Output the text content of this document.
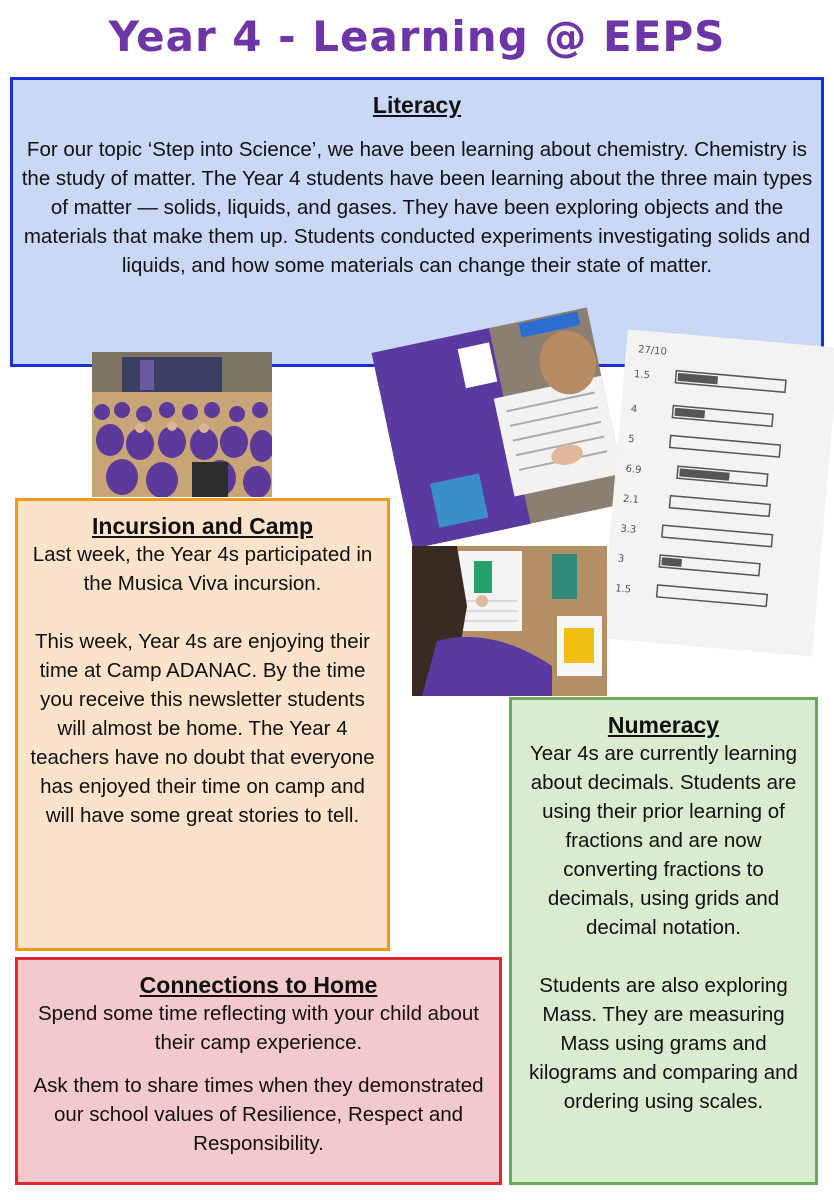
Year 4 - Learning @ EEPS
Literacy

For our topic ‘Step into Science’, we have been learning about chemistry. Chemistry is the study of matter. The Year 4 students have been learning about the three main types of matter — solids, liquids, and gases. They have been exploring objects and the materials that make them up. Students conducted experiments investigating solids and liquids, and how some materials can change their state of matter.

27/10
1.5
4
5
6.9
2.1
3.3
3
1.5
Incursion and Camp

Last week, the Year 4s participated in the Musica Viva incursion.

This week, Year 4s are enjoying their time at Camp ADANAC. By the time you receive this newsletter students will almost be home. The Year 4 teachers have no doubt that everyone has enjoyed their time on camp and will have some great stories to tell.

Numeracy

Year 4s are currently learning about decimals. Students are using their prior learning of fractions and are now converting fractions to decimals, using grids and decimal notation.

Students are also exploring Mass. They are measuring Mass using grams and kilograms and comparing and ordering using scales.

Connections to Home

Spend some time reflecting with your child about their camp experience.

Ask them to share times when they demonstrated our school values of Resilience, Respect and Responsibility.
